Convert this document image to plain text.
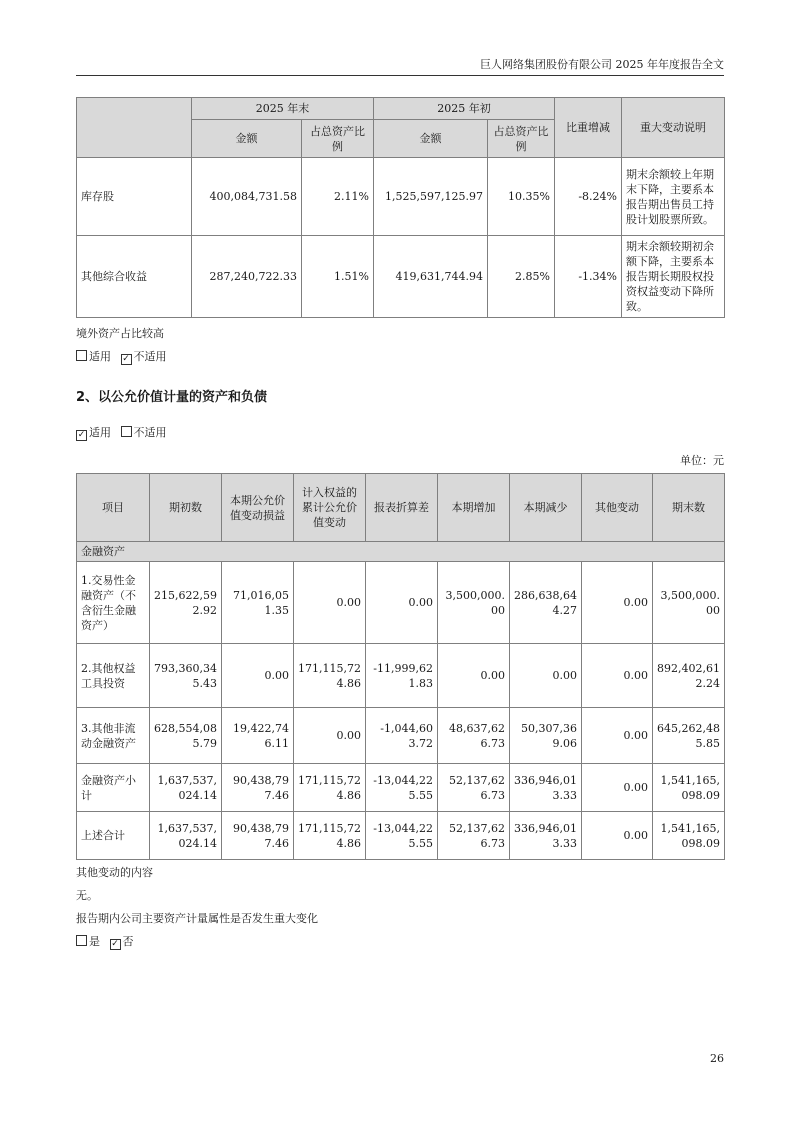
巨人网络集团股份有限公司 2025 年年度报告全文
	2025 年末		2025 年初		比重增减	重大变动说明
	金额	占总资产比例	金额	占总资产比例		
库存股	400,084,731.58	2.11%	1,525,597,125.97	10.35%	-8.24%	期末余额较上年期末下降，主要系本报告期出售员工持股计划股票所致。
其他综合收益	287,240,722.33	1.51%	419,631,744.94	2.85%	-1.34%	期末余额较期初余额下降，主要系本报告期长期股权投资权益变动下降所致。
境外资产占比较高
适用 ✓ 不适用
2、以公允价值计量的资产和负债
✓ 适用 不适用
单位：元
项目	期初数	本期公允价值变动损益	计入权益的累计公允价值变动	报表折算差	本期增加	本期减少	其他变动	期末数
金融资产								
1.交易性金融资产（不含衍生金融资产）	215,622,592.92	71,016,051.35	0.00	0.00	3,500,000.00	286,638,644.27	0.00	3,500,000.00
2.其他权益工具投资	793,360,345.43	0.00	171,115,724.86	-11,999,621.83	0.00	0.00	0.00	892,402,612.24
3.其他非流动金融资产	628,554,085.79	19,422,746.11	0.00	-1,044,603.72	48,637,626.73	50,307,369.06	0.00	645,262,485.85
金融资产小计	1,637,537,024.14	90,438,797.46	171,115,724.86	-13,044,225.55	52,137,626.73	336,946,013.33	0.00	1,541,165,098.09
上述合计	1,637,537,024.14	90,438,797.46	171,115,724.86	-13,044,225.55	52,137,626.73	336,946,013.33	0.00	1,541,165,098.09
其他变动的内容
无。
报告期内公司主要资产计量属性是否发生重大变化
是 ✓ 否
26
